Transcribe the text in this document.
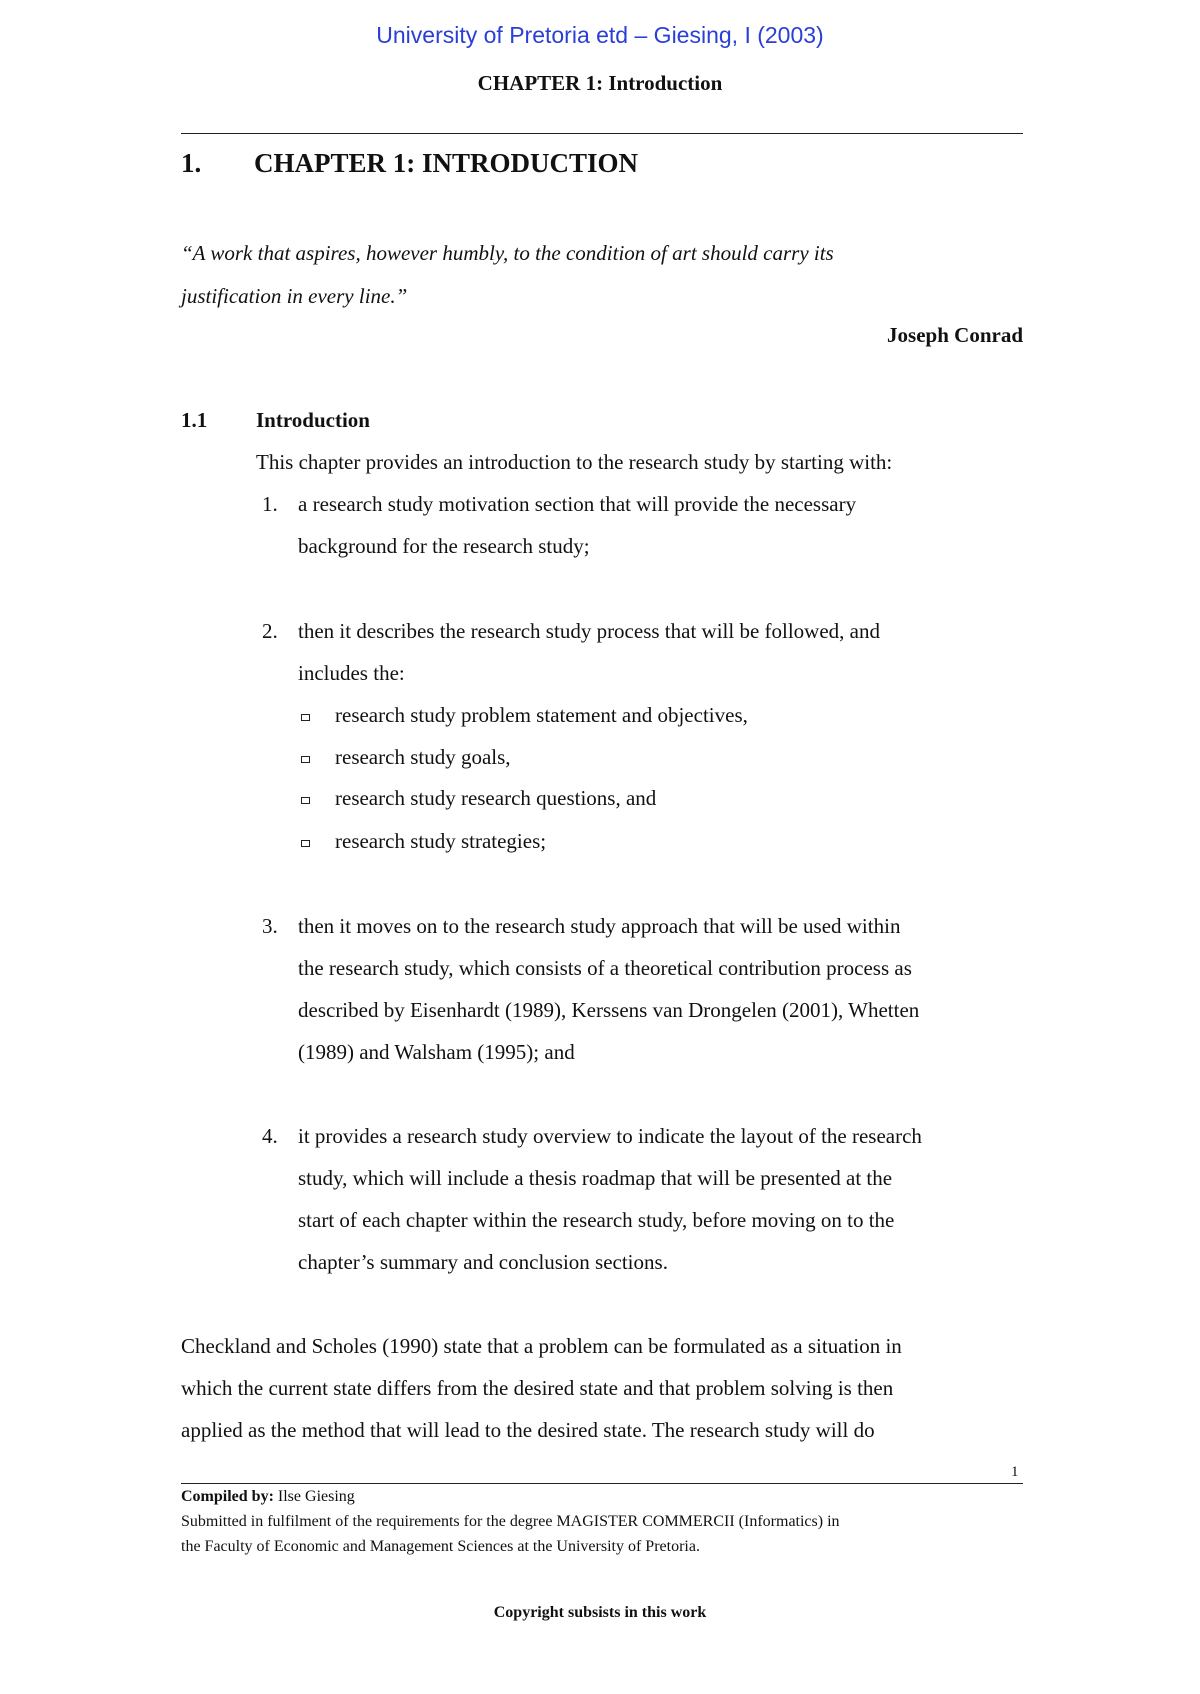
University of Pretoria etd – Giesing, I (2003)
CHAPTER 1: Introduction
1. CHAPTER 1: INTRODUCTION
“A work that aspires, however humbly, to the condition of art should carry its
justification in every line.”
Joseph Conrad
1.1 Introduction
This chapter provides an introduction to the research study by starting with:
1. a research study motivation section that will provide the necessary
background for the research study;
2. then it describes the research study process that will be followed, and
includes the:
research study problem statement and objectives,
research study goals,
research study research questions, and
research study strategies;
3. then it moves on to the research study approach that will be used within
the research study, which consists of a theoretical contribution process as
described by Eisenhardt (1989), Kerssens van Drongelen (2001), Whetten
(1989) and Walsham (1995); and
4. it provides a research study overview to indicate the layout of the research
study, which will include a thesis roadmap that will be presented at the
start of each chapter within the research study, before moving on to the
chapter’s summary and conclusion sections.
Checkland and Scholes (1990) state that a problem can be formulated as a situation in
which the current state differs from the desired state and that problem solving is then
applied as the method that will lead to the desired state. The research study will do
1
Compiled by: Ilse Giesing
Submitted in fulfilment of the requirements for the degree MAGISTER COMMERCII (Informatics) in
the Faculty of Economic and Management Sciences at the University of Pretoria.
Copyright subsists in this work
